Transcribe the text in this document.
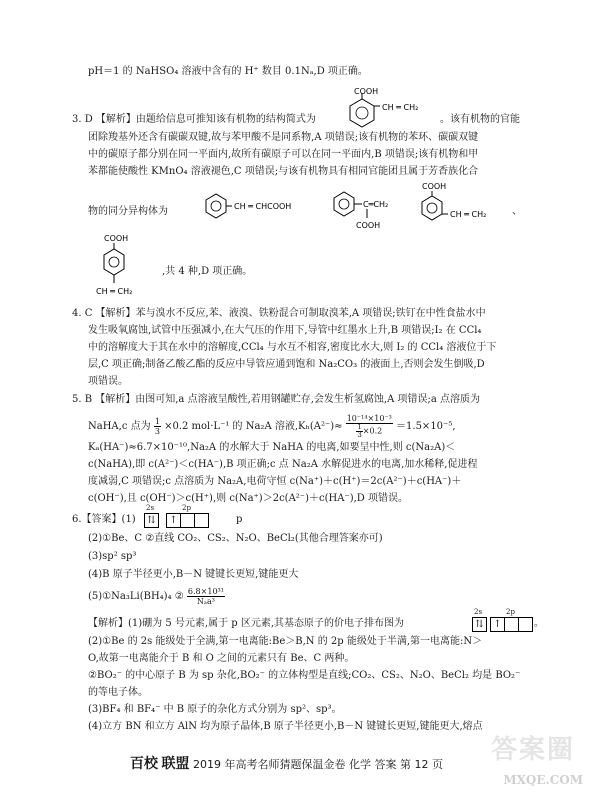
pH＝1 的 NaHSO₄ 溶液中含有的 H⁺ 数目 0.1Nₐ,D 项正确。
3. D 【解析】由题给信息可推知该有机物的结构简式为
COOH
CH ═ CH₂
。该有机物的官能
团除羧基外还含有碳碳双键,故与苯甲酸不是同系物,A 项错误;该有机物的苯环、碳碳双键
中的碳原子都分别在同一平面内,故所有碳原子可以在同一平面内,B 项错误;该有机物和甲
苯都能使酸性 KMnO₄ 溶液褪色,C 项错误;与该有机物具有相同官能团且属于芳香族化合
物的同分异构体为	CH ═ CHCOOH	C═CH₂
COOH
COOH
CH ═ CH₂	、
COOH
CH ═ CH₂
,共 4 种,D 项正确。
4. C 【解析】苯与溴水不反应,苯、液溴、铁粉混合可制取溴苯,A 项错误;铁钉在中性食盐水中
发生吸氧腐蚀,试管中压强减小,在大气压的作用下,导管中红墨水上升,B 项错误;I₂ 在 CCl₄
中的溶解度大于其在水中的溶解度,CCl₄ 与水互不相容,密度比水大,则 I₂ 的 CCl₄ 溶液位于下
层,C 项正确;制备乙酸乙酯的反应中导管应通到饱和 Na₂CO₃ 的液面上,否则会发生倒吸,D
项错误。
5. B 【解析】由图可知,a 点溶液呈酸性,若用钢罐贮存,会发生析氢腐蚀,A 项错误;a 点溶质为
NaHA,c 点为 $\frac{1}{3} \times 0.2$ mol·L⁻¹ 的 Na₂A 溶液$,K_h(A^{2-})\approx \frac{\text{10⁻¹⁴×10⁻³}}{\frac{1}{3} \times 0.2} =1.5\times 10^{-5}$,
Kₐ(HA⁻)≈6.7×10⁻¹⁰,Na₂A 的水解大于 NaHA 的电离,如要呈中性,则 c(Na₂A)＜
c(NaHA),即 c(A²⁻)＜c(HA⁻),B 项正确;c 点 Na₂A 水解促进水的电离,加水稀释,促进程
度减弱,C 项错误;c 点溶质为 Na₂A,电荷守恒 c(Na⁺)＋c(H⁺)＝2c(A²⁻)＋c(HA⁻)＋
c(OH⁻),且 c(OH⁻)＞c(H⁺),则 c(Na⁺)＞2c(A²⁻)＋c(HA⁻),D 项错误。
6.【答案】(1)
2s
⇅
2p
↑	p
(2)①Be、C ②直线 CO₂、CS₂、N₂O、BeCl₂(其他合理答案亦可)
(3)sp² sp³
(4)B 原子半径更小,B－N 键键长更短,键能更大
(5)①Na₃Li(BH₄)₄ ② $\frac{\text{6.8×10³¹}}{\text{Nₐa³}}$
【解析】(1)硼为 5 号元素,属于 p 区元素,其基态原子的价电子排布图为
2s
⇅
2p
↑	。
(2)①Be 的 2s 能级处于全满,第一电离能:Be＞B,N 的 2p 能级处于半满,第一电离能:N＞
O,故第一电离能介于 B 和 O 之间的元素只有 Be、C 两种。
②BO₂⁻ 的中心原子 B 为 sp 杂化,BO₂⁻ 的立体构型是直线;CO₂、CS₂、N₂O、BeCl₂ 均是 BO₂⁻
的等电子体。
(3)BF₄ 和 BF₄⁻ 中 B 原子的杂化方式分别为 sp²、sp³。
(4)立方 BN 和立方 AlN 均为原子晶体,B 原子半径更小,B－N 键键长更短,键能更大,熔点
百校 联盟 2019 年高考名师猜题保温金卷 化学 答案 第 12 页 答案圈
MXQE.COM
